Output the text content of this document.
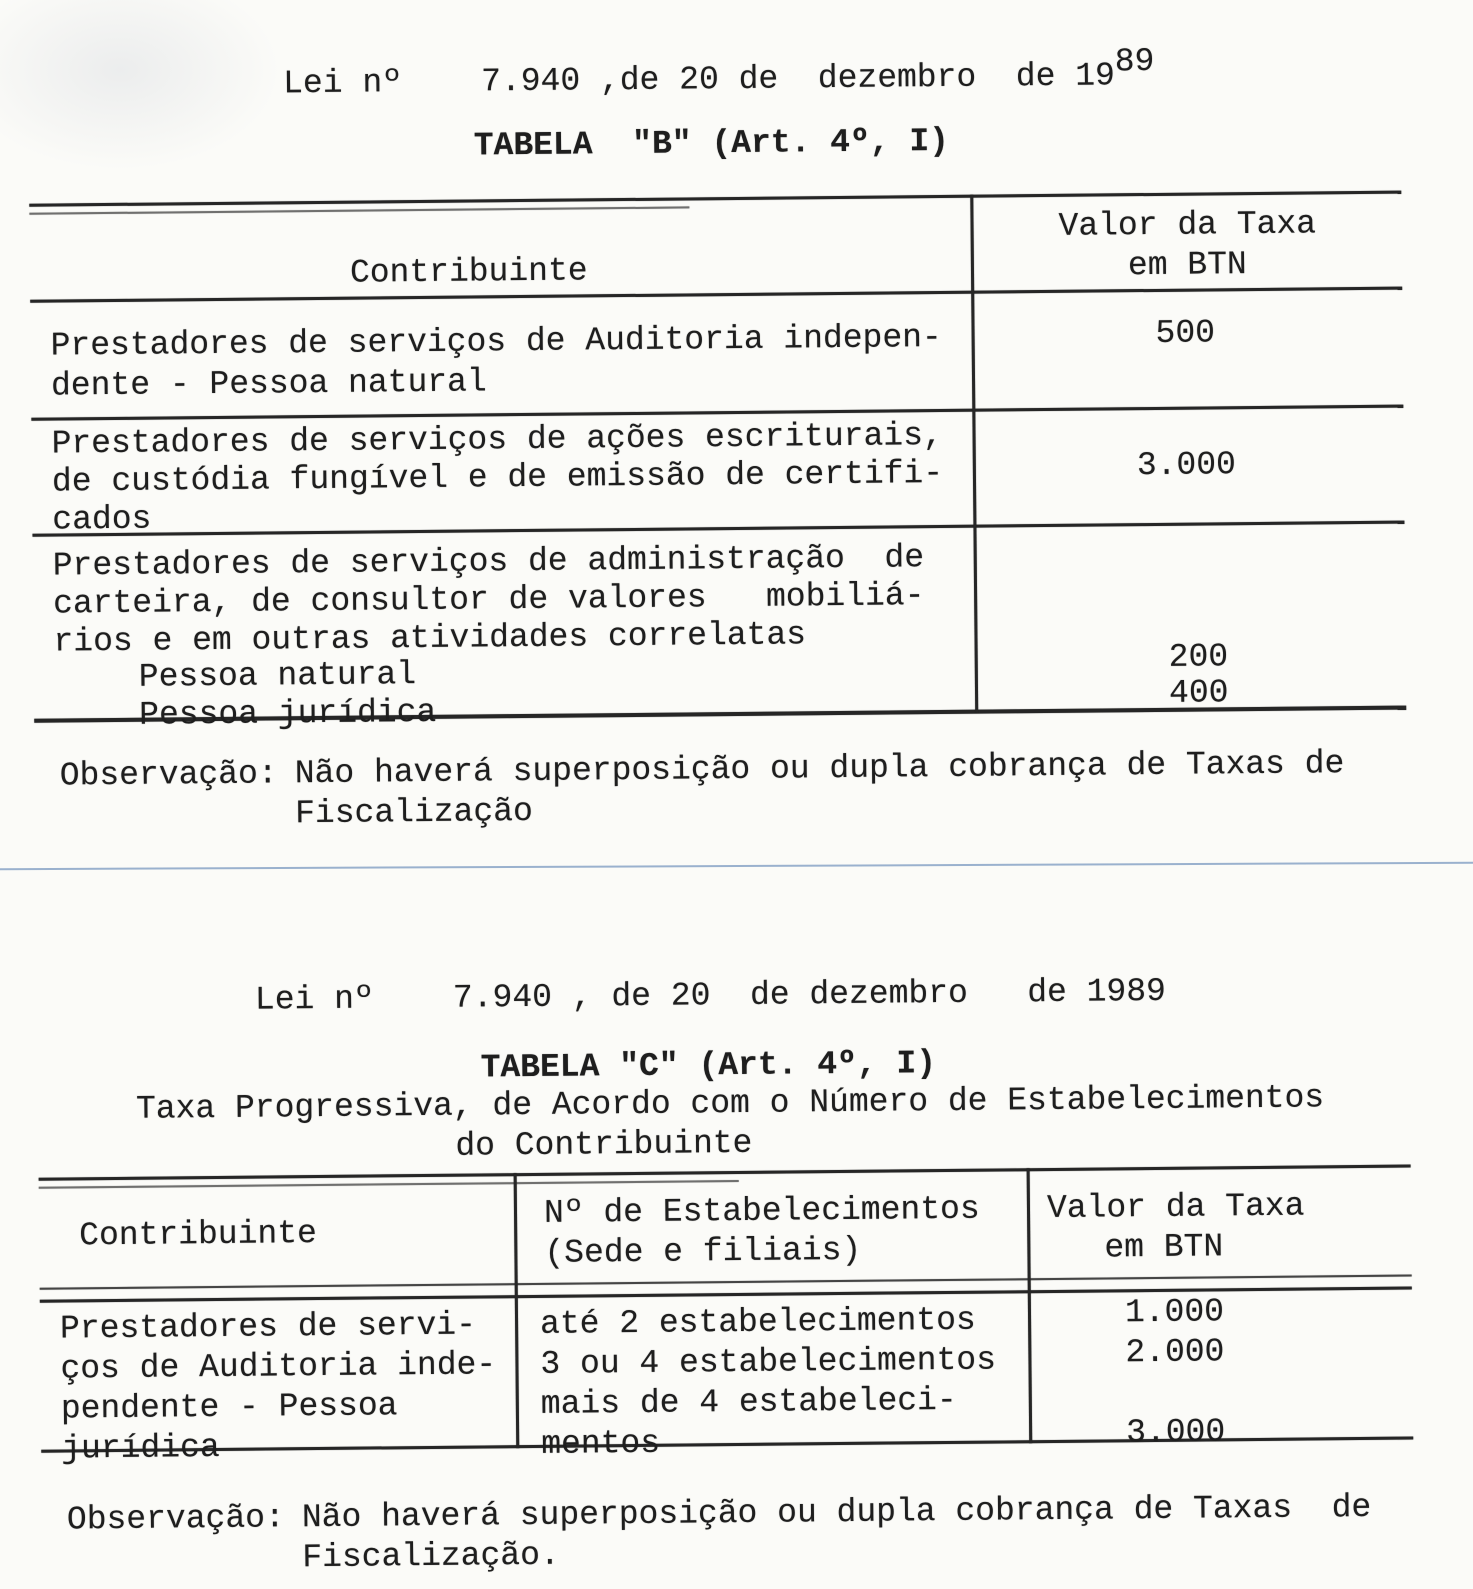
Lei nº    7.940 ,de 20 de  dezembro  de 1989
TABELA  "B" (Art. 4º, I)
Contribuinte
Valor da Taxa
em BTN
Prestadores de serviços de Auditoria indepen-
dente - Pessoa natural
500
Prestadores de serviços de ações escriturais,
de custódia fungível e de emissão de certifi-
cados
3.000
Prestadores de serviços de administração  de
carteira, de consultor de valores   mobiliá-
rios e em outras atividades correlatas
Pessoa natural	200
Pessoa jurídica
400
Observação: Não haverá superposição ou dupla cobrança de Taxas de
Fiscalização
Lei nº    7.940 , de 20  de dezembro   de 1989
TABELA "C" (Art. 4º, I)
Taxa Progressiva, de Acordo com o Número de Estabelecimentos
do Contribuinte
Contribuinte
Nº de Estabelecimentos
(Sede e filiais)
Valor da Taxa
em BTN
Prestadores de servi-
ços de Auditoria inde-
pendente - Pessoa
jurídica
até 2 estabelecimentos
3 ou 4 estabelecimentos
mais de 4 estabeleci-
mentos
1.000
2.000
3.000
Observação: Não haverá superposição ou dupla cobrança de Taxas  de
Fiscalização.
